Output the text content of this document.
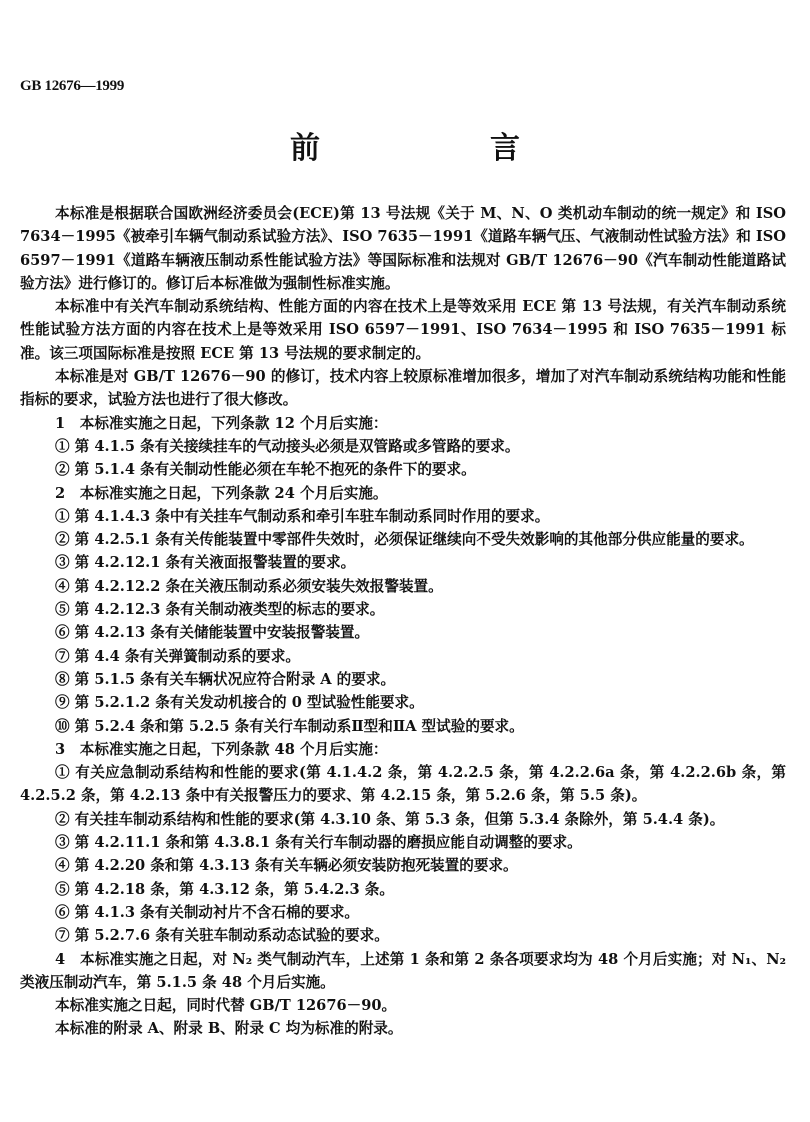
GB 12676—1999
前　言

本标准是根据联合国欧洲经济委员会(ECE)第 13 号法规《关于 M、N、O 类机动车制动的统一规定》和 ISO 7634－1995《被牵引车辆气制动系试验方法》、ISO 7635－1991《道路车辆气压、气液制动性试验方法》和 ISO 6597－1991《道路车辆液压制动系性能试验方法》等国际标准和法规对 GB/T 12676－90《汽车制动性能道路试验方法》进行修订的。修订后本标准做为强制性标准实施。

本标准中有关汽车制动系统结构、性能方面的内容在技术上是等效采用 ECE 第 13 号法规，有关汽车制动系统性能试验方法方面的内容在技术上是等效采用 ISO 6597－1991、ISO 7634－1995 和 ISO 7635－1991 标准。该三项国际标准是按照 ECE 第 13 号法规的要求制定的。

本标准是对 GB/T 12676－90 的修订，技术内容上较原标准增加很多，增加了对汽车制动系统结构功能和性能指标的要求，试验方法也进行了很大修改。

1　本标准实施之日起，下列条款 12 个月后实施：

① 第 4.1.5 条有关接续挂车的气动接头必须是双管路或多管路的要求。

② 第 5.1.4 条有关制动性能必须在车轮不抱死的条件下的要求。

2　本标准实施之日起，下列条款 24 个月后实施。

① 第 4.1.4.3 条中有关挂车气制动系和牵引车驻车制动系同时作用的要求。

② 第 4.2.5.1 条有关传能装置中零部件失效时，必须保证继续向不受失效影响的其他部分供应能量的要求。

③ 第 4.2.12.1 条有关液面报警装置的要求。

④ 第 4.2.12.2 条在关液压制动系必须安装失效报警装置。

⑤ 第 4.2.12.3 条有关制动液类型的标志的要求。

⑥ 第 4.2.13 条有关储能装置中安装报警装置。

⑦ 第 4.4 条有关弹簧制动系的要求。

⑧ 第 5.1.5 条有关车辆状况应符合附录 A 的要求。

⑨ 第 5.2.1.2 条有关发动机接合的 0 型试验性能要求。

⑩ 第 5.2.4 条和第 5.2.5 条有关行车制动系Ⅱ型和ⅡA 型试验的要求。

3　本标准实施之日起，下列条款 48 个月后实施：

① 有关应急制动系结构和性能的要求(第 4.1.4.2 条，第 4.2.2.5 条，第 4.2.2.6a 条，第 4.2.2.6b 条，第 4.2.5.2 条，第 4.2.13 条中有关报警压力的要求、第 4.2.15 条，第 5.2.6 条，第 5.5 条)。

② 有关挂车制动系结构和性能的要求(第 4.3.10 条、第 5.3 条，但第 5.3.4 条除外，第 5.4.4 条)。

③ 第 4.2.11.1 条和第 4.3.8.1 条有关行车制动器的磨损应能自动调整的要求。

④ 第 4.2.20 条和第 4.3.13 条有关车辆必须安装防抱死装置的要求。

⑤ 第 4.2.18 条，第 4.3.12 条，第 5.4.2.3 条。

⑥ 第 4.1.3 条有关制动衬片不含石棉的要求。

⑦ 第 5.2.7.6 条有关驻车制动系动态试验的要求。

4　本标准实施之日起，对 N₂ 类气制动汽车，上述第 1 条和第 2 条各项要求均为 48 个月后实施；对 N₁、N₂ 类液压制动汽车，第 5.1.5 条 48 个月后实施。

本标准实施之日起，同时代替 GB/T 12676－90。

本标准的附录 A、附录 B、附录 C 均为标准的附录。
